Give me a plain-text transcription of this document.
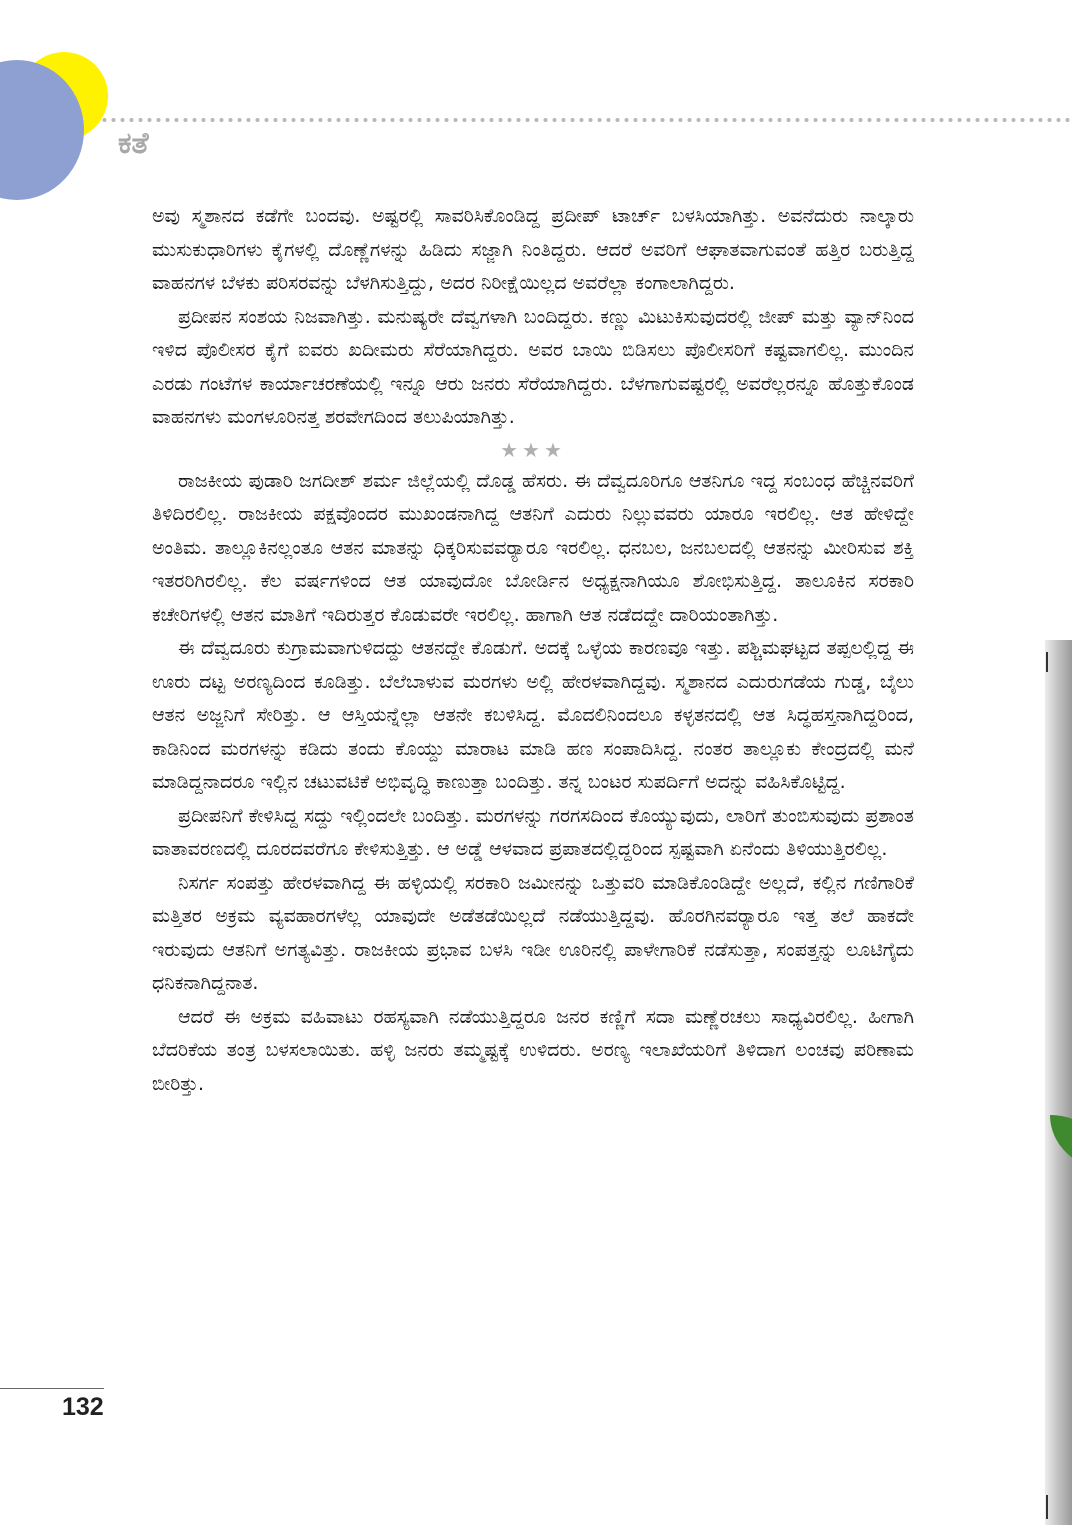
ಕತೆ

ಅವು ಸ್ಮಶಾನದ ಕಡೆಗೇ ಬಂದವು. ಅಷ್ಟರಲ್ಲಿ ಸಾವರಿಸಿಕೊಂಡಿದ್ದ ಪ್ರದೀಪ್ ಟಾರ್ಚ್ ಬಳಸಿಯಾಗಿತ್ತು. ಅವನೆದುರು ನಾಲ್ಕಾರು ಮುಸುಕುಧಾರಿಗಳು ಕೈಗಳಲ್ಲಿ ದೊಣ್ಣೆಗಳನ್ನು ಹಿಡಿದು ಸಜ್ಜಾಗಿ ನಿಂತಿದ್ದರು. ಆದರೆ ಅವರಿಗೆ ಆಘಾತವಾಗುವಂತೆ ಹತ್ತಿರ ಬರುತ್ತಿದ್ದ ವಾಹನಗಳ ಬೆಳಕು ಪರಿಸರವನ್ನು ಬೆಳಗಿಸುತ್ತಿದ್ದು, ಅದರ ನಿರೀಕ್ಷೆಯಿಲ್ಲದ ಅವರೆಲ್ಲಾ ಕಂಗಾಲಾಗಿದ್ದರು.

ಪ್ರದೀಪನ ಸಂಶಯ ನಿಜವಾಗಿತ್ತು. ಮನುಷ್ಯರೇ ದೆವ್ವಗಳಾಗಿ ಬಂದಿದ್ದರು. ಕಣ್ಣು ಮಿಟುಕಿಸುವುದರಲ್ಲಿ ಜೀಪ್ ಮತ್ತು ವ್ಯಾನ್‌ನಿಂದ ಇಳಿದ ಪೊಲೀಸರ ಕೈಗೆ ಐವರು ಖದೀಮರು ಸೆರೆಯಾಗಿದ್ದರು. ಅವರ ಬಾಯಿ ಬಿಡಿಸಲು ಪೊಲೀಸರಿಗೆ ಕಷ್ಟವಾಗಲಿಲ್ಲ. ಮುಂದಿನ ಎರಡು ಗಂಟೆಗಳ ಕಾರ್ಯಾಚರಣೆಯಲ್ಲಿ ಇನ್ನೂ ಆರು ಜನರು ಸೆರೆಯಾಗಿದ್ದರು. ಬೆಳಗಾಗುವಷ್ಟರಲ್ಲಿ ಅವರೆಲ್ಲರನ್ನೂ ಹೊತ್ತುಕೊಂಡ ವಾಹನಗಳು ಮಂಗಳೂರಿನತ್ತ ಶರವೇಗದಿಂದ ತಲುಪಿಯಾಗಿತ್ತು.

★★★

ರಾಜಕೀಯ ಪುಡಾರಿ ಜಗದೀಶ್ ಶರ್ಮ ಜಿಲ್ಲೆಯಲ್ಲಿ ದೊಡ್ಡ ಹೆಸರು. ಈ ದೆವ್ವದೂರಿಗೂ ಆತನಿಗೂ ಇದ್ದ ಸಂಬಂಧ ಹೆಚ್ಚಿನವರಿಗೆ ತಿಳಿದಿರಲಿಲ್ಲ. ರಾಜಕೀಯ ಪಕ್ಷವೊಂದರ ಮುಖಂಡನಾಗಿದ್ದ ಆತನಿಗೆ ಎದುರು ನಿಲ್ಲುವವರು ಯಾರೂ ಇರಲಿಲ್ಲ. ಆತ ಹೇಳಿದ್ದೇ ಅಂತಿಮ. ತಾಲ್ಲೂಕಿನಲ್ಲಂತೂ ಆತನ ಮಾತನ್ನು ಧಿಕ್ಕರಿಸುವವರ್‍ಯಾರೂ ಇರಲಿಲ್ಲ. ಧನಬಲ, ಜನಬಲದಲ್ಲಿ ಆತನನ್ನು ಮೀರಿಸುವ ಶಕ್ತಿ ಇತರರಿಗಿರಲಿಲ್ಲ. ಕೆಲ ವರ್ಷಗಳಿಂದ ಆತ ಯಾವುದೋ ಬೋರ್ಡಿನ ಅಧ್ಯಕ್ಷನಾಗಿಯೂ ಶೋಭಿಸುತ್ತಿದ್ದ. ತಾಲೂಕಿನ ಸರಕಾರಿ ಕಚೇರಿಗಳಲ್ಲಿ ಆತನ ಮಾತಿಗೆ ಇದಿರುತ್ತರ ಕೊಡುವರೇ ಇರಲಿಲ್ಲ. ಹಾಗಾಗಿ ಆತ ನಡೆದದ್ದೇ ದಾರಿಯಂತಾಗಿತ್ತು.

ಈ ದೆವ್ವದೂರು ಕುಗ್ರಾಮವಾಗುಳಿದದ್ದು ಆತನದ್ದೇ ಕೊಡುಗೆ. ಅದಕ್ಕೆ ಒಳ್ಳೆಯ ಕಾರಣವೂ ಇತ್ತು. ಪಶ್ಚಿಮಘಟ್ಟದ ತಪ್ಪಲಲ್ಲಿದ್ದ ಈ ಊರು ದಟ್ಟ ಅರಣ್ಯದಿಂದ ಕೂಡಿತ್ತು. ಬೆಲೆಬಾಳುವ ಮರಗಳು ಅಲ್ಲಿ ಹೇರಳವಾಗಿದ್ದವು. ಸ್ಮಶಾನದ ಎದುರುಗಡೆಯ ಗುಡ್ಡ, ಬೈಲು ಆತನ ಅಜ್ಜನಿಗೆ ಸೇರಿತ್ತು. ಆ ಆಸ್ತಿಯನ್ನೆಲ್ಲಾ ಆತನೇ ಕಬಳಿಸಿದ್ದ. ಮೊದಲಿನಿಂದಲೂ ಕಳ್ಳತನದಲ್ಲಿ ಆತ ಸಿದ್ಧಹಸ್ತನಾಗಿದ್ದರಿಂದ, ಕಾಡಿನಿಂದ ಮರಗಳನ್ನು ಕಡಿದು ತಂದು ಕೊಯ್ದು ಮಾರಾಟ ಮಾಡಿ ಹಣ ಸಂಪಾದಿಸಿದ್ದ. ನಂತರ ತಾಲ್ಲೂಕು ಕೇಂದ್ರದಲ್ಲಿ ಮನೆ ಮಾಡಿದ್ದನಾದರೂ ಇಲ್ಲಿನ ಚಟುವಟಿಕೆ ಅಭಿವೃದ್ಧಿ ಕಾಣುತ್ತಾ ಬಂದಿತ್ತು. ತನ್ನ ಬಂಟರ ಸುಪರ್ದಿಗೆ ಅದನ್ನು ವಹಿಸಿಕೊಟ್ಟಿದ್ದ.

ಪ್ರದೀಪನಿಗೆ ಕೇಳಿಸಿದ್ದ ಸದ್ದು ಇಲ್ಲಿಂದಲೇ ಬಂದಿತ್ತು. ಮರಗಳನ್ನು ಗರಗಸದಿಂದ ಕೊಯ್ಯುವುದು, ಲಾರಿಗೆ ತುಂಬಿಸುವುದು ಪ್ರಶಾಂತ ವಾತಾವರಣದಲ್ಲಿ ದೂರದವರೆಗೂ ಕೇಳಿಸುತ್ತಿತ್ತು. ಆ ಅಡ್ಡೆ ಆಳವಾದ ಪ್ರಪಾತದಲ್ಲಿದ್ದರಿಂದ ಸ್ಪಷ್ಟವಾಗಿ ಏನೆಂದು ತಿಳಿಯುತ್ತಿರಲಿಲ್ಲ.

ನಿಸರ್ಗ ಸಂಪತ್ತು ಹೇರಳವಾಗಿದ್ದ ಈ ಹಳ್ಳಿಯಲ್ಲಿ ಸರಕಾರಿ ಜಮೀನನ್ನು ಒತ್ತುವರಿ ಮಾಡಿಕೊಂಡಿದ್ದೇ ಅಲ್ಲದೆ, ಕಲ್ಲಿನ ಗಣಿಗಾರಿಕೆ ಮತ್ತಿತರ ಅಕ್ರಮ ವ್ಯವಹಾರಗಳೆಲ್ಲ ಯಾವುದೇ ಅಡೆತಡೆಯಿಲ್ಲದೆ ನಡೆಯುತ್ತಿದ್ದವು. ಹೊರಗಿನವರ್‍ಯಾರೂ ಇತ್ತ ತಲೆ ಹಾಕದೇ ಇರುವುದು ಆತನಿಗೆ ಅಗತ್ಯವಿತ್ತು. ರಾಜಕೀಯ ಪ್ರಭಾವ ಬಳಸಿ ಇಡೀ ಊರಿನಲ್ಲಿ ಪಾಳೇಗಾರಿಕೆ ನಡೆಸುತ್ತಾ, ಸಂಪತ್ತನ್ನು ಲೂಟಿಗೈದು ಧನಿಕನಾಗಿದ್ದನಾತ.

ಆದರೆ ಈ ಅಕ್ರಮ ವಹಿವಾಟು ರಹಸ್ಯವಾಗಿ ನಡೆಯುತ್ತಿದ್ದರೂ ಜನರ ಕಣ್ಣಿಗೆ ಸದಾ ಮಣ್ಣೆರಚಲು ಸಾಧ್ಯವಿರಲಿಲ್ಲ. ಹೀಗಾಗಿ ಬೆದರಿಕೆಯ ತಂತ್ರ ಬಳಸಲಾಯಿತು. ಹಳ್ಳಿ ಜನರು ತಮ್ಮಷ್ಟಕ್ಕೆ ಉಳಿದರು. ಅರಣ್ಯ ಇಲಾಖೆಯರಿಗೆ ತಿಳಿದಾಗ ಲಂಚವು ಪರಿಣಾಮ ಬೀರಿತ್ತು.

132
